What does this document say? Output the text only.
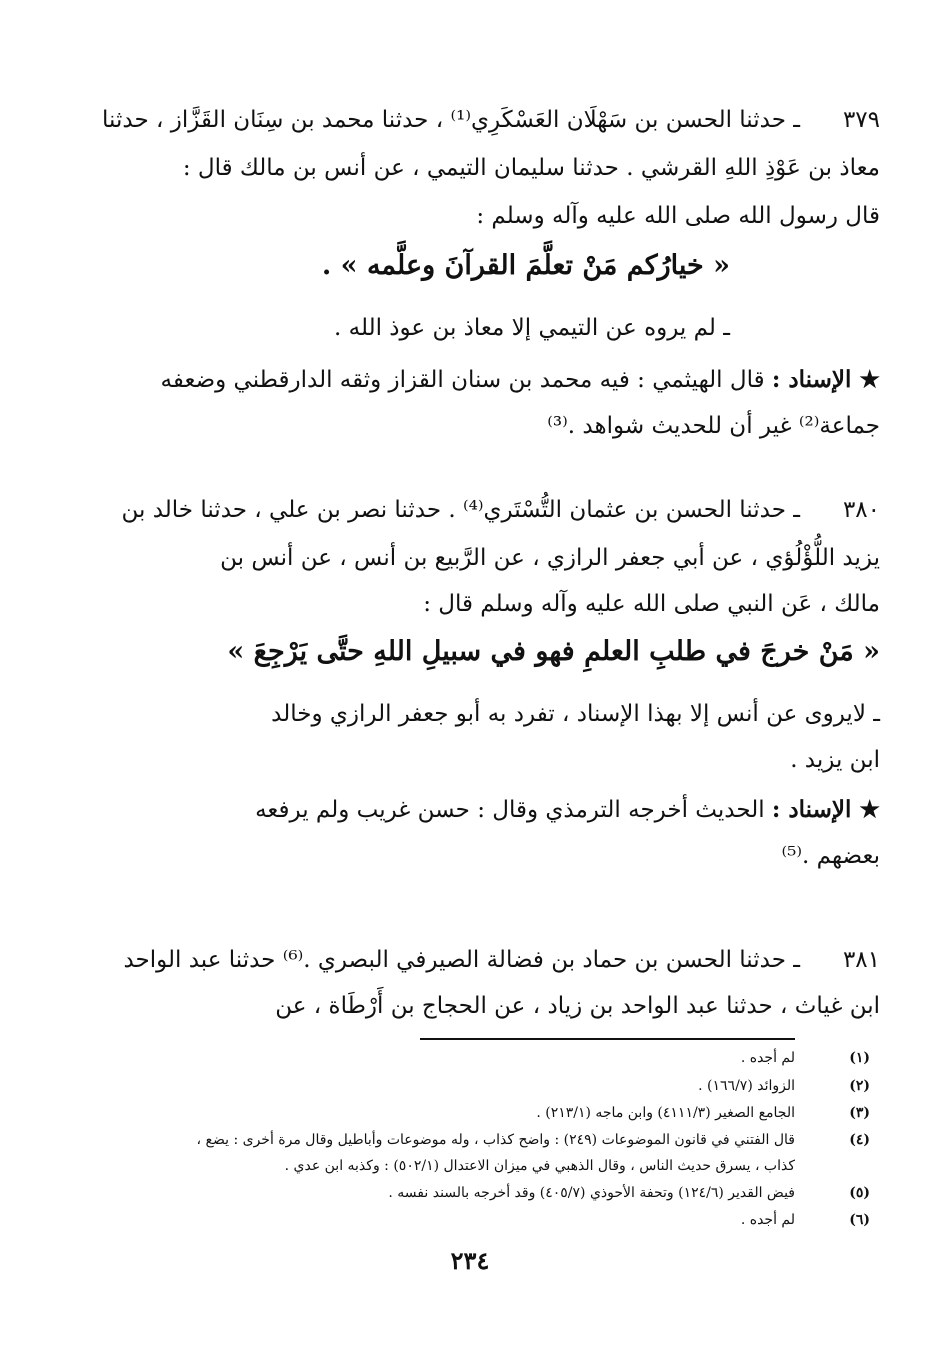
٣٧٩
ـ حدثنا الحسن بن سَهْلَان العَسْكَرِي⁽¹⁾ ، حدثنا محمد بن سِنَان القَزَّاز ، حدثنا
معاذ بن عَوْذِ اللهِ القرشي . حدثنا سليمان التيمي ، عن أنس بن مالك قال :
قال رسول الله صلى الله عليه وآله وسلم :
« خيارُكم مَنْ تعلَّمَ القرآنَ وعلَّمه » .
ـ لم يروه عن التيمي إلا معاذ بن عوذ الله .
★ الإسناد : قال الهيثمي : فيه محمد بن سنان القزاز وثقه الدارقطني وضعفه
جماعة⁽²⁾ غير أن للحديث شواهد .⁽³⁾
٣٨٠
ـ حدثنا الحسن بن عثمان التُّسْتَري⁽⁴⁾ . حدثنا نصر بن علي ، حدثنا خالد بن
يزيد اللُّؤْلُؤي ، عن أبي جعفر الرازي ، عن الرَّبيع بن أنس ، عن أنس بن
مالك ، عَن النبي صلى الله عليه وآله وسلم قال :
« مَنْ خرجَ في طلبِ العلمِ فهو في سبيلِ اللهِ حتَّى يَرْجِعَ »
ـ لايروى عن أنس إلا بهذا الإسناد ، تفرد به أبو جعفر الرازي وخالد
ابن يزيد .
★ الإسناد : الحديث أخرجه الترمذي وقال : حسن غريب ولم يرفعه
بعضهم .⁽⁵⁾
٣٨١
ـ حدثنا الحسن بن حماد بن فضالة الصيرفي البصري .⁽⁶⁾ حدثنا عبد الواحد
ابن غياث ، حدثنا عبد الواحد بن زياد ، عن الحجاج بن أَرْطَاة ، عن
(١)
لم أجده .
(٢)
الزوائد (١٦٦/٧) .
(٣)
الجامع الصغير (٤١١١/٣) وابن ماجه (٢١٣/١) .
(٤)
قال الفتني في قانون الموضوعات (٢٤٩) : واضح كذاب ، وله موضوعات وأباطيل وقال مرة أخرى : يضع ،
كذاب ، يسرق حديث الناس ، وقال الذهبي في ميزان الاعتدال (٥٠٢/١) : وكذبه ابن عدي .
(٥)
فيض القدير (١٢٤/٦) وتحفة الأحوذي (٤٠٥/٧) وقد أخرجه بالسند نفسه .
(٦)
لم أجده .
٢٣٤
